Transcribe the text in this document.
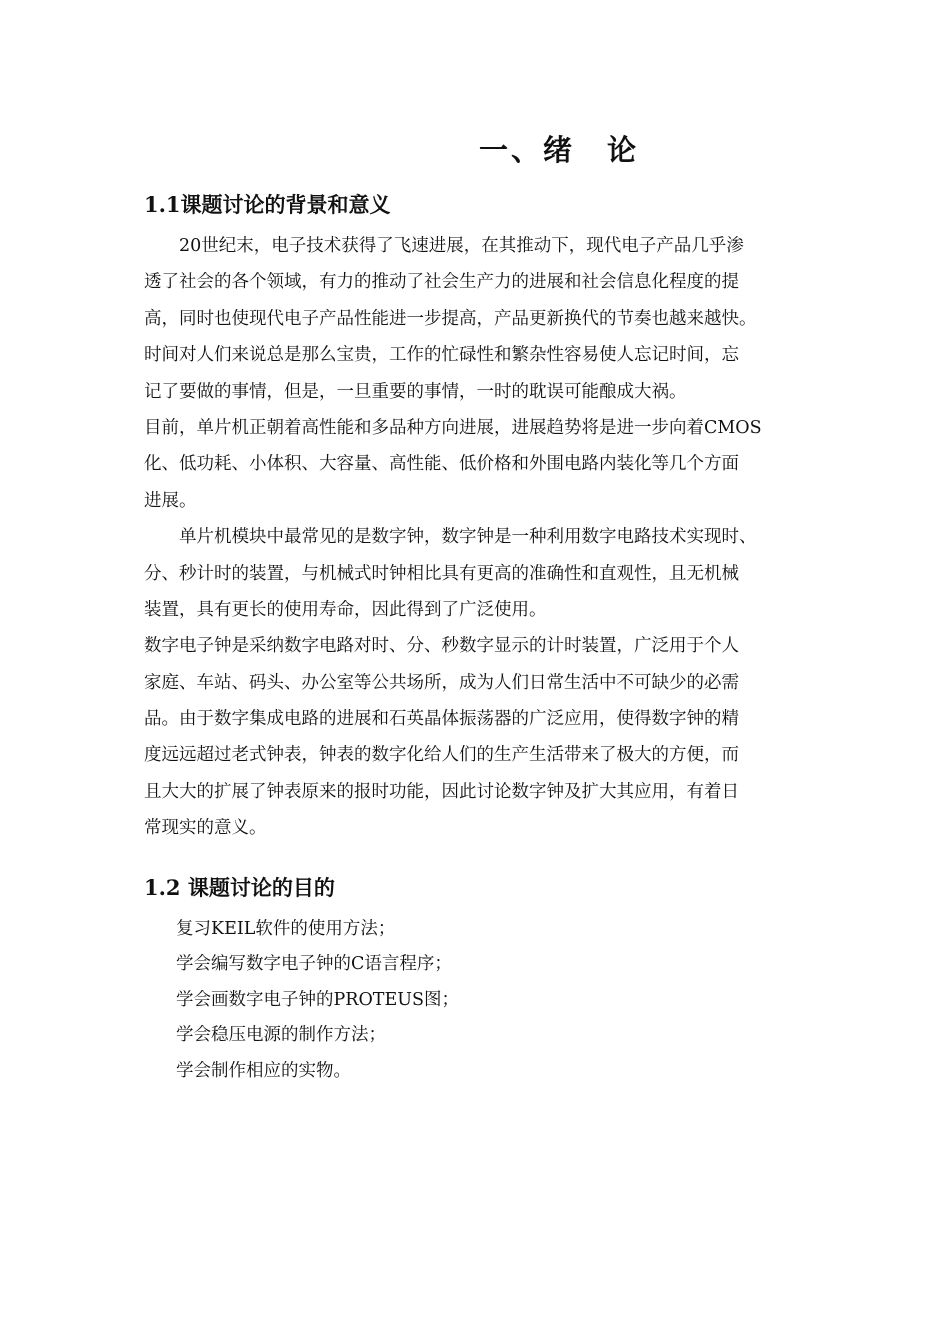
一、绪　论
1.1课题讨论的背景和意义
　　20世纪末，电子技术获得了飞速进展，在其推动下，现代电子产品几乎渗
透了社会的各个领域，有力的推动了社会生产力的进展和社会信息化程度的提
高，同时也使现代电子产品性能进一步提高，产品更新换代的节奏也越来越快。
时间对人们来说总是那么宝贵，工作的忙碌性和繁杂性容易使人忘记时间，忘
记了要做的事情，但是，一旦重要的事情，一时的耽误可能酿成大祸。
目前，单片机正朝着高性能和多品种方向进展，进展趋势将是进一步向着CMOS
化、低功耗、小体积、大容量、高性能、低价格和外围电路内装化等几个方面
进展。
　　单片机模块中最常见的是数字钟，数字钟是一种利用数字电路技术实现时、
分、秒计时的装置，与机械式时钟相比具有更高的准确性和直观性，且无机械
装置，具有更长的使用寿命，因此得到了广泛使用。
数字电子钟是采纳数字电路对时、分、秒数字显示的计时装置，广泛用于个人
家庭、车站、码头、办公室等公共场所，成为人们日常生活中不可缺少的必需
品。由于数字集成电路的进展和石英晶体振荡器的广泛应用，使得数字钟的精
度远远超过老式钟表，钟表的数字化给人们的生产生活带来了极大的方便，而
且大大的扩展了钟表原来的报时功能，因此讨论数字钟及扩大其应用，有着日
常现实的意义。
1.2 课题讨论的目的
复习KEIL软件的使用方法；
学会编写数字电子钟的C语言程序；
学会画数字电子钟的PROTEUS图；
学会稳压电源的制作方法；
学会制作相应的实物。
